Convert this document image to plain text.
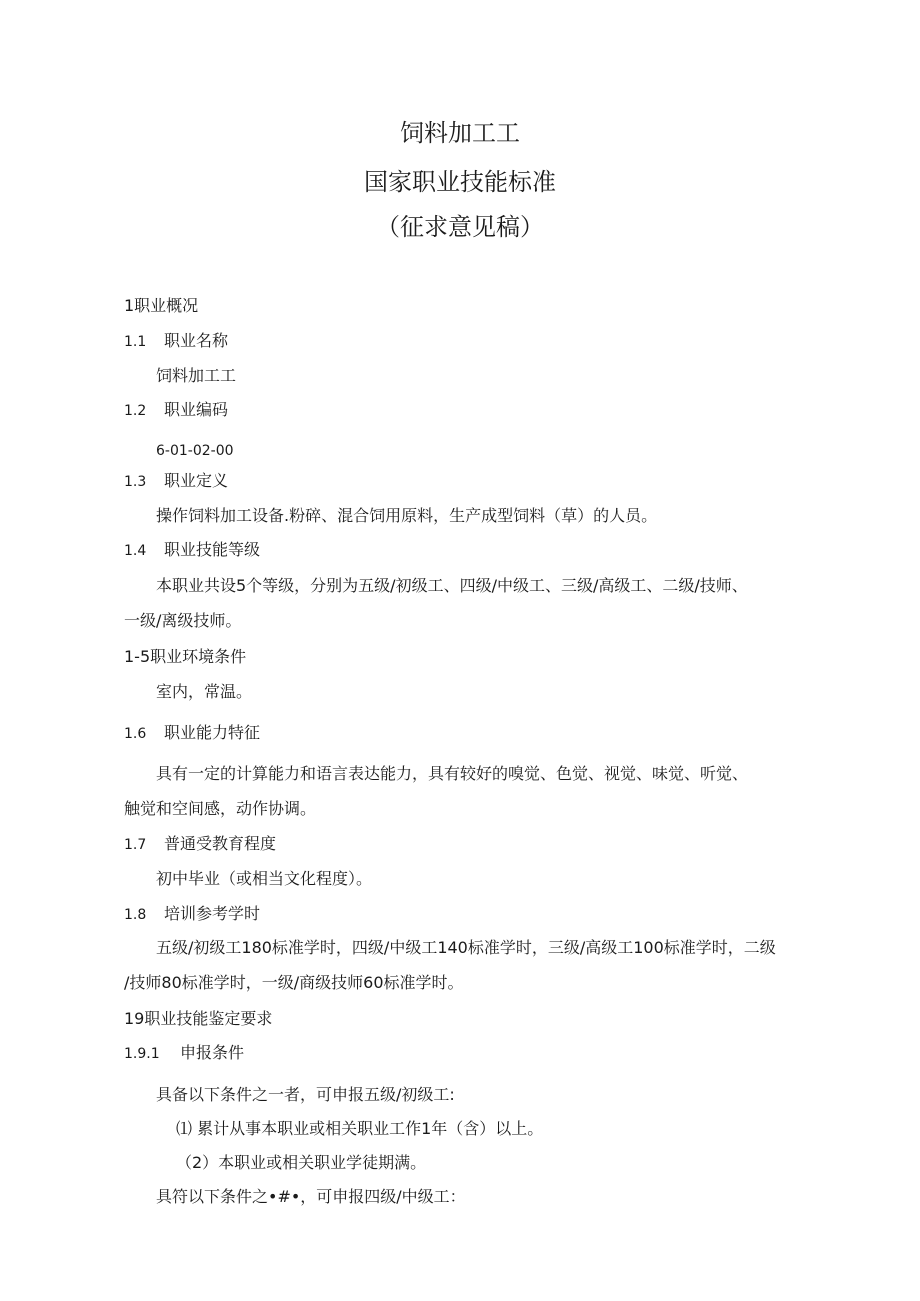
饲料加工工
国家职业技能标准
（征求意见稿）
1职业概况
1.1 职业名称
饲料加工工
1.2 职业编码
6-01-02-00
1.3 职业定义
操作饲料加工设备.粉碎、混合饲用原料，生产成型饲料（草）的人员。
1.4 职业技能等级
本职业共设5个等级，分别为五级/初级工、四级/中级工、三级/高级工、二级/技师、
一级/离级技师。
1-5职业环境条件
室内，常温。
1.6 职业能力特征
具有一定的计算能力和语言表达能力，具有较好的嗅觉、色觉、视觉、味觉、听觉、
触觉和空间感，动作协调。
1.7 普通受教育程度
初中毕业（或相当文化程度）。
1.8 培训参考学时
五级/初级工180标准学时，四级/中级工140标准学时，三级/高级工100标准学时，二级
/技师80标准学时，一级/商级技师60标准学时。
19职业技能鉴定要求
1.9.1 申报条件
具备以下条件之一者，可申报五级/初级工:
⑴ 累计从事本职业或相关职业工作1年（含）以上。
（2）本职业或相关职业学徒期满。
具符以下条件之•#•，可申报四级/中级工：
